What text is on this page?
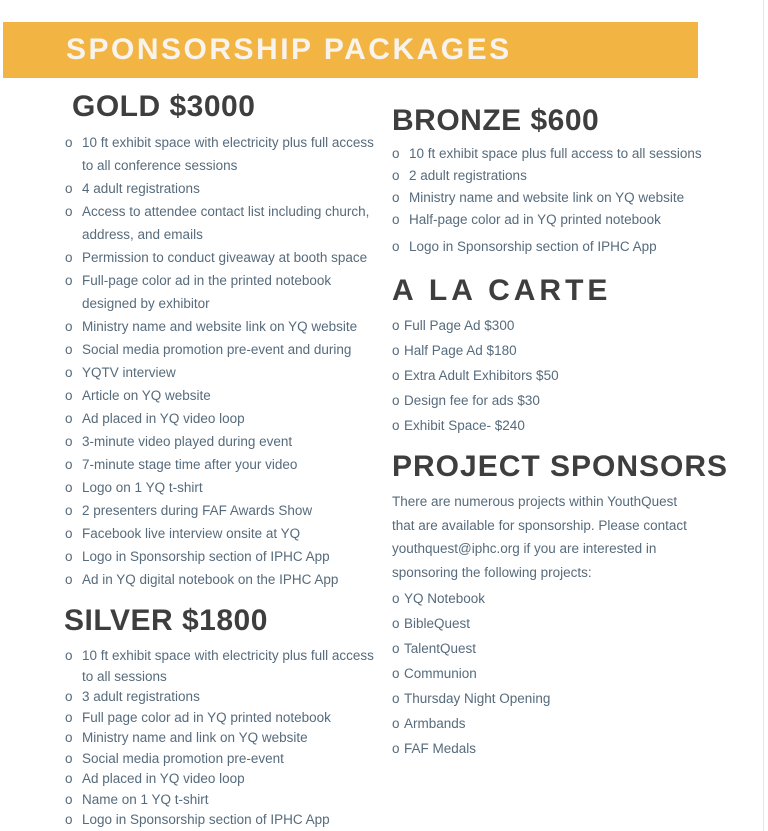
SPONSORSHIP PACKAGES
GOLD $3000
o 10 ft exhibit space with electricity plus full access to all conference sessions
o 4 adult registrations
o Access to attendee contact list including church, address, and emails
o Permission to conduct giveaway at booth space
o Full-page color ad in the printed notebook designed by exhibitor
o Ministry name and website link on YQ website
o Social media promotion pre-event and during
o YQTV interview
o Article on YQ website
o Ad placed in YQ video loop
o 3-minute video played during event
o 7-minute stage time after your video
o Logo on 1 YQ t-shirt
o 2 presenters during FAF Awards Show
o Facebook live interview onsite at YQ
o Logo in Sponsorship section of IPHC App
o Ad in YQ digital notebook on the IPHC App
SILVER $1800
o 10 ft exhibit space with electricity plus full access to all sessions
o 3 adult registrations
o Full page color ad in YQ printed notebook
o Ministry name and link on YQ website
o Social media promotion pre-event
o Ad placed in YQ video loop
o Name on 1 YQ t-shirt
o Logo in Sponsorship section of IPHC App
BRONZE $600
o 10 ft exhibit space plus full access to all sessions
o 2 adult registrations
o Ministry name and website link on YQ website
o Half-page color ad in YQ printed notebook
o Logo in Sponsorship section of IPHC App
A LA CARTE
o Full Page Ad $300
o Half Page Ad $180
o Extra Adult Exhibitors $50
o Design fee for ads $30
o Exhibit Space- $240
PROJECT SPONSORS
There are numerous projects within YouthQuest
that are available for sponsorship. Please contact
youthquest@iphc.org if you are interested in
sponsoring the following projects:
o YQ Notebook
o BibleQuest
o TalentQuest
o Communion
o Thursday Night Opening
o Armbands
o FAF Medals
